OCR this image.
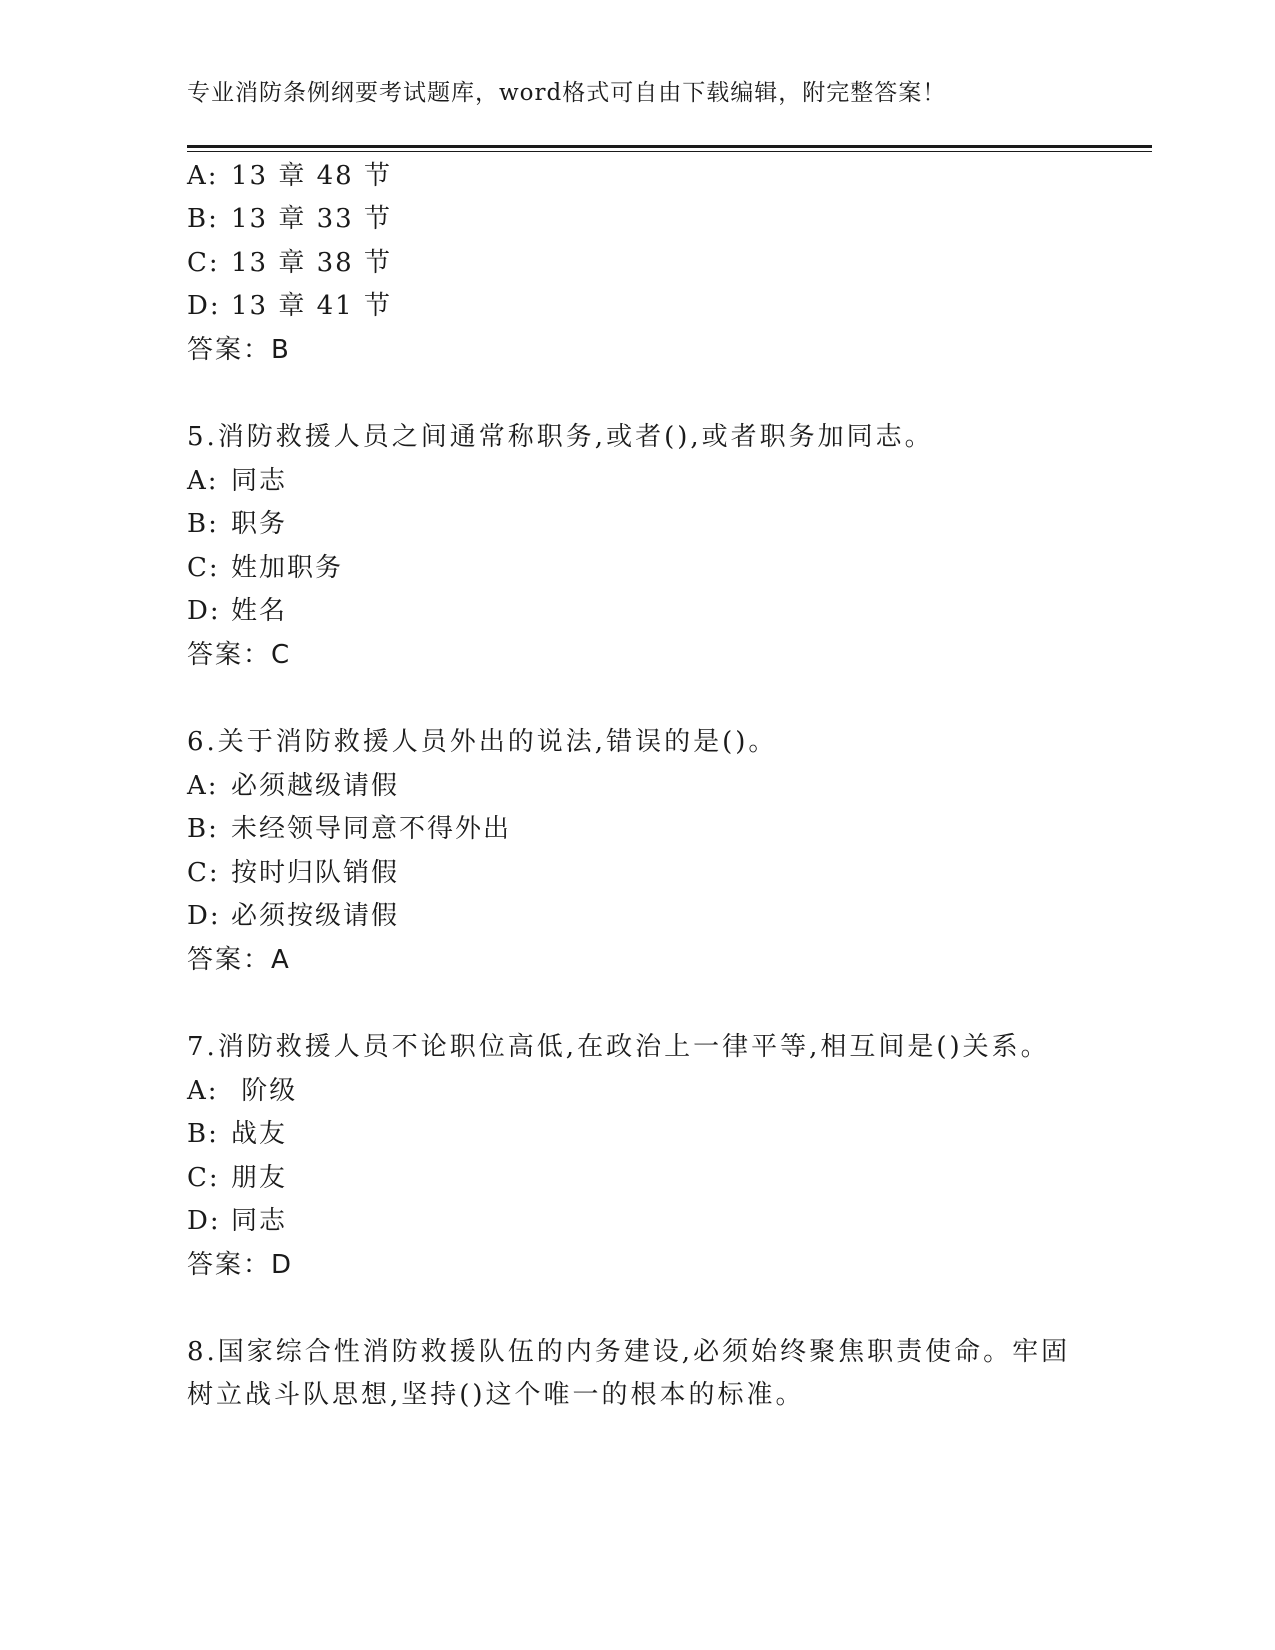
专业消防条例纲要考试题库，word格式可自由下载编辑，附完整答案！
A: 13 章 48 节
B: 13 章 33 节
C: 13 章 38 节
D: 13 章 41 节
答案：B
5.消防救援人员之间通常称职务,或者(),或者职务加同志。
A: 同志
B: 职务
C: 姓加职务
D: 姓名
答案：C
6.关于消防救援人员外出的说法,错误的是()。
A: 必须越级请假
B: 未经领导同意不得外出
C: 按时归队销假
D: 必须按级请假
答案：A
7.消防救援人员不论职位高低,在政治上一律平等,相互间是()关系。
A: 阶级
B: 战友
C: 朋友
D: 同志
答案：D
8.国家综合性消防救援队伍的内务建设,必须始终聚焦职责使命。牢固
树立战斗队思想,坚持()这个唯一的根本的标准。
